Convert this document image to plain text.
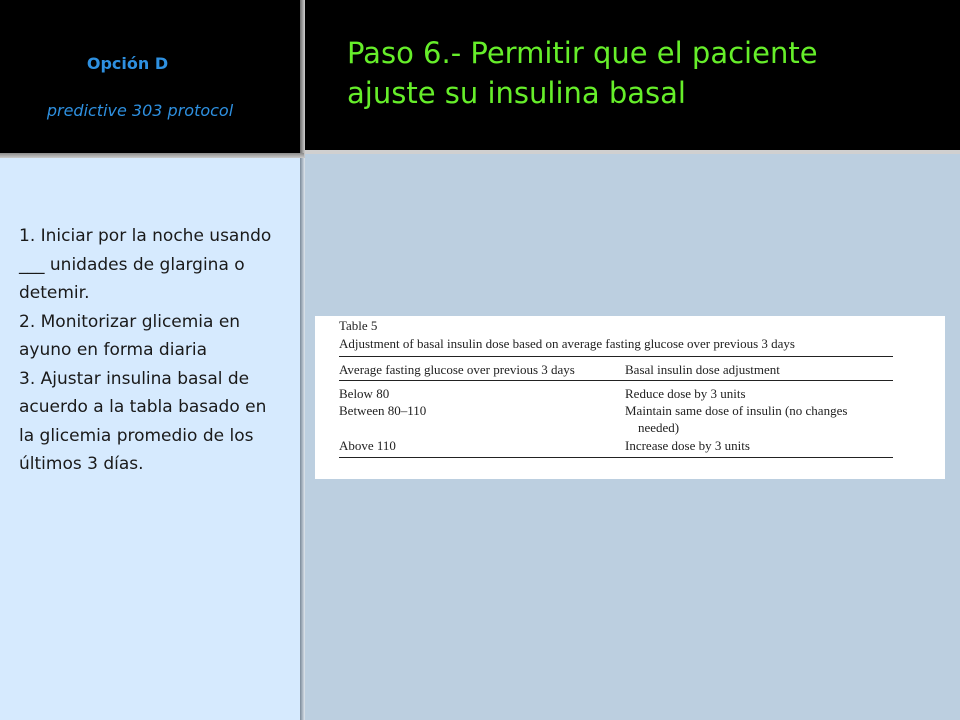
Opción D
predictive 303 protocol
Paso 6.- Permitir que el paciente
ajuste su insulina basal
1. Iniciar por la noche usando ___ unidades de glargina o detemir.
2. Monitorizar glicemia en ayuno en forma diaria
3. Ajustar insulina basal de acuerdo a la tabla basado en la glicemia promedio de los últimos 3 días.
Table 5
Adjustment of basal insulin dose based on average fasting glucose over previous 3 days
Average fasting glucose over previous 3 days	Basal insulin dose adjustment
Below 80	Reduce dose by 3 units
Between 80–110	Maintain same dose of insulin (no changes
needed)
Above 110	Increase dose by 3 units
